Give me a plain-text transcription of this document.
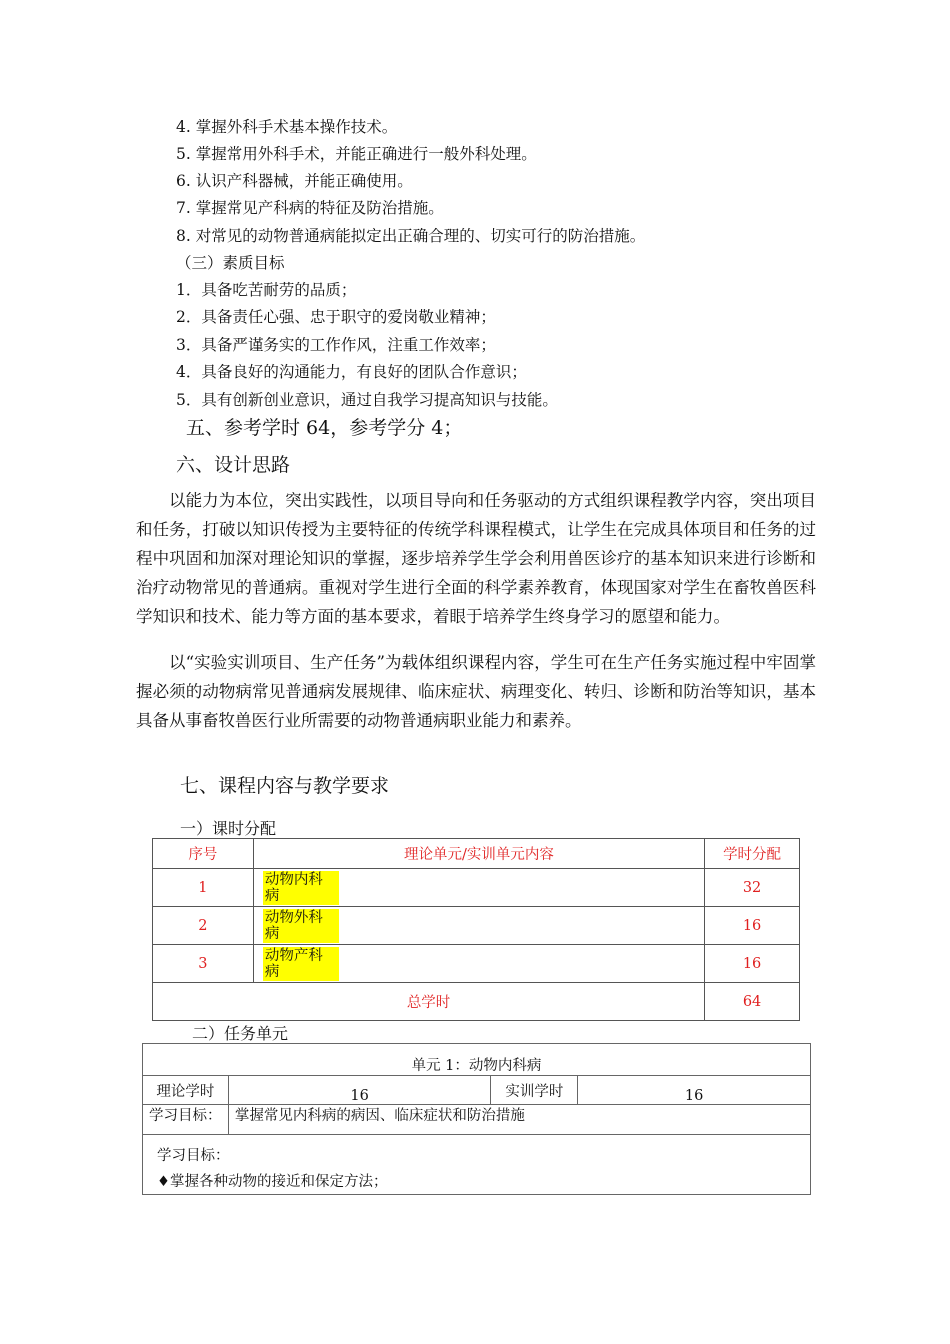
4. 掌握外科手术基本操作技术。
5. 掌握常用外科手术，并能正确进行一般外科处理。
6. 认识产科器械，并能正确使用。
7. 掌握常见产科病的特征及防治措施。
8. 对常见的动物普通病能拟定出正确合理的、切实可行的防治措施。
（三）素质目标
1．具备吃苦耐劳的品质；
2．具备责任心强、忠于职守的爱岗敬业精神；
3．具备严谨务实的工作作风，注重工作效率；
4．具备良好的沟通能力，有良好的团队合作意识；
5．具有创新创业意识，通过自我学习提高知识与技能。
五、参考学时 64，参考学分 4；
六、设计思路
以能力为本位，突出实践性，以项目导向和任务驱动的方式组织课程教学内容，突出项目和任务，打破以知识传授为主要特征的传统学科课程模式，让学生在完成具体项目和任务的过程中巩固和加深对理论知识的掌握，逐步培养学生学会利用兽医诊疗的基本知识来进行诊断和治疗动物常见的普通病。重视对学生进行全面的科学素养教育，体现国家对学生在畜牧兽医科学知识和技术、能力等方面的基本要求，着眼于培养学生终身学习的愿望和能力。
以“实验实训项目、生产任务”为载体组织课程内容，学生可在生产任务实施过程中牢固掌握必须的动物病常见普通病发展规律、临床症状、病理变化、转归、诊断和防治等知识，基本具备从事畜牧兽医行业所需要的动物普通病职业能力和素养。
七、课程内容与教学要求
一）课时分配
序号	理论单元/实训单元内容	学时分配
1	动物内科病	32
2	动物外科病	16
3	动物产科病	16
总学时		64
二）任务单元
单元 1：动物内科病			
理论学时	16	实训学时	16

学习目标：	掌握常见内科病的病因、临床症状和防治措施		

学习目标：
♦掌握各种动物的接近和保定方法；			
